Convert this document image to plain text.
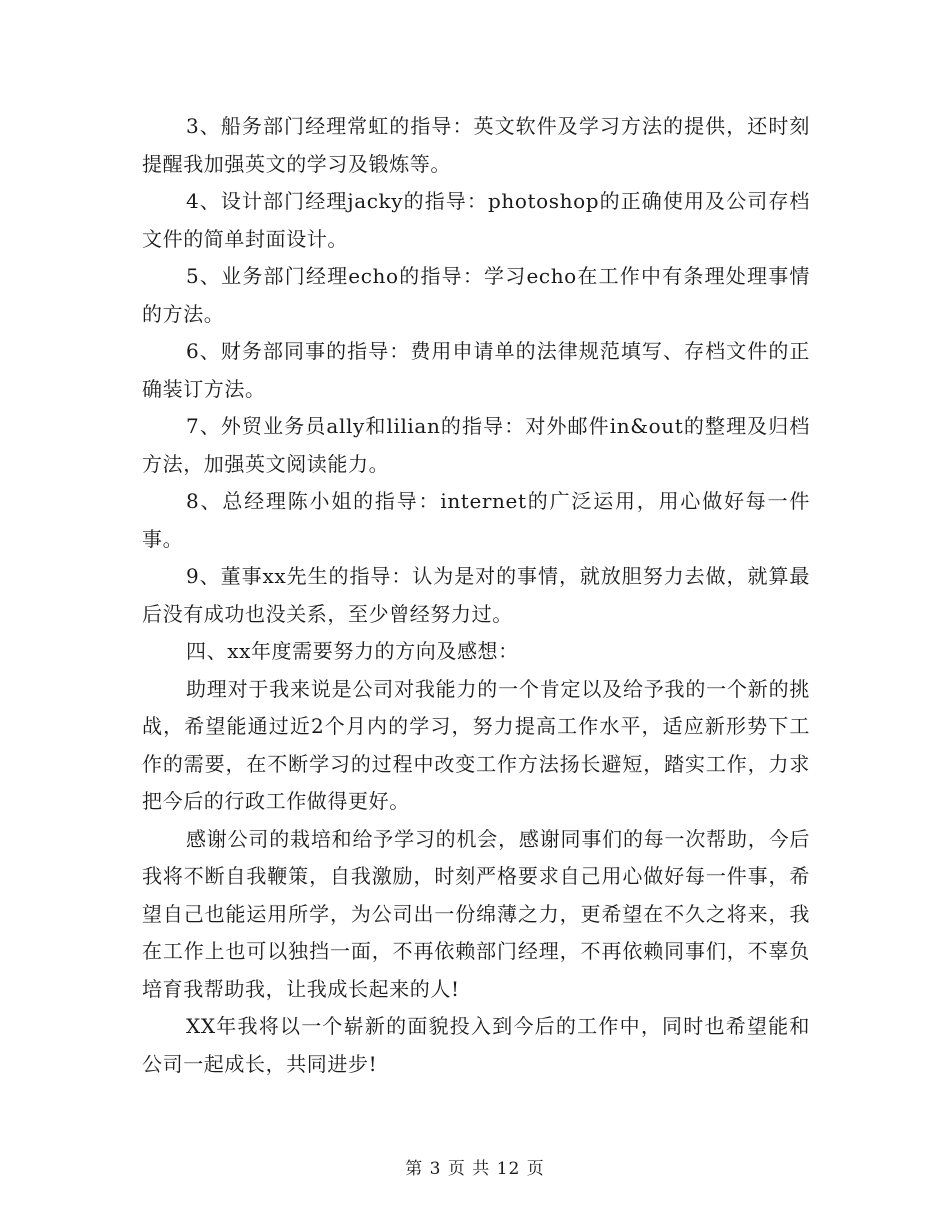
3、船务部门经理常虹的指导：英文软件及学习方法的提供，还时刻提醒我加强英文的学习及锻炼等。

4、设计部门经理jacky的指导：photoshop的正确使用及公司存档文件的简单封面设计。

5、业务部门经理echo的指导：学习echo在工作中有条理处理事情的方法。

6、财务部同事的指导：费用申请单的法律规范填写、存档文件的正确装订方法。

7、外贸业务员ally和lilian的指导：对外邮件in&out的整理及归档方法，加强英文阅读能力。

8、总经理陈小姐的指导：internet的广泛运用，用心做好每一件事。

9、董事xx先生的指导：认为是对的事情，就放胆努力去做，就算最后没有成功也没关系，至少曾经努力过。

四、xx年度需要努力的方向及感想：

助理对于我来说是公司对我能力的一个肯定以及给予我的一个新的挑战，希望能通过近2个月内的学习，努力提高工作水平，适应新形势下工作的需要，在不断学习的过程中改变工作方法扬长避短，踏实工作，力求把今后的行政工作做得更好。

感谢公司的栽培和给予学习的机会，感谢同事们的每一次帮助，今后我将不断自我鞭策，自我激励，时刻严格要求自己用心做好每一件事，希望自己也能运用所学，为公司出一份绵薄之力，更希望在不久之将来，我在工作上也可以独挡一面，不再依赖部门经理，不再依赖同事们，不辜负培育我帮助我，让我成长起来的人!

XX年我将以一个崭新的面貌投入到今后的工作中，同时也希望能和公司一起成长，共同进步!

第 3 页 共 12 页
